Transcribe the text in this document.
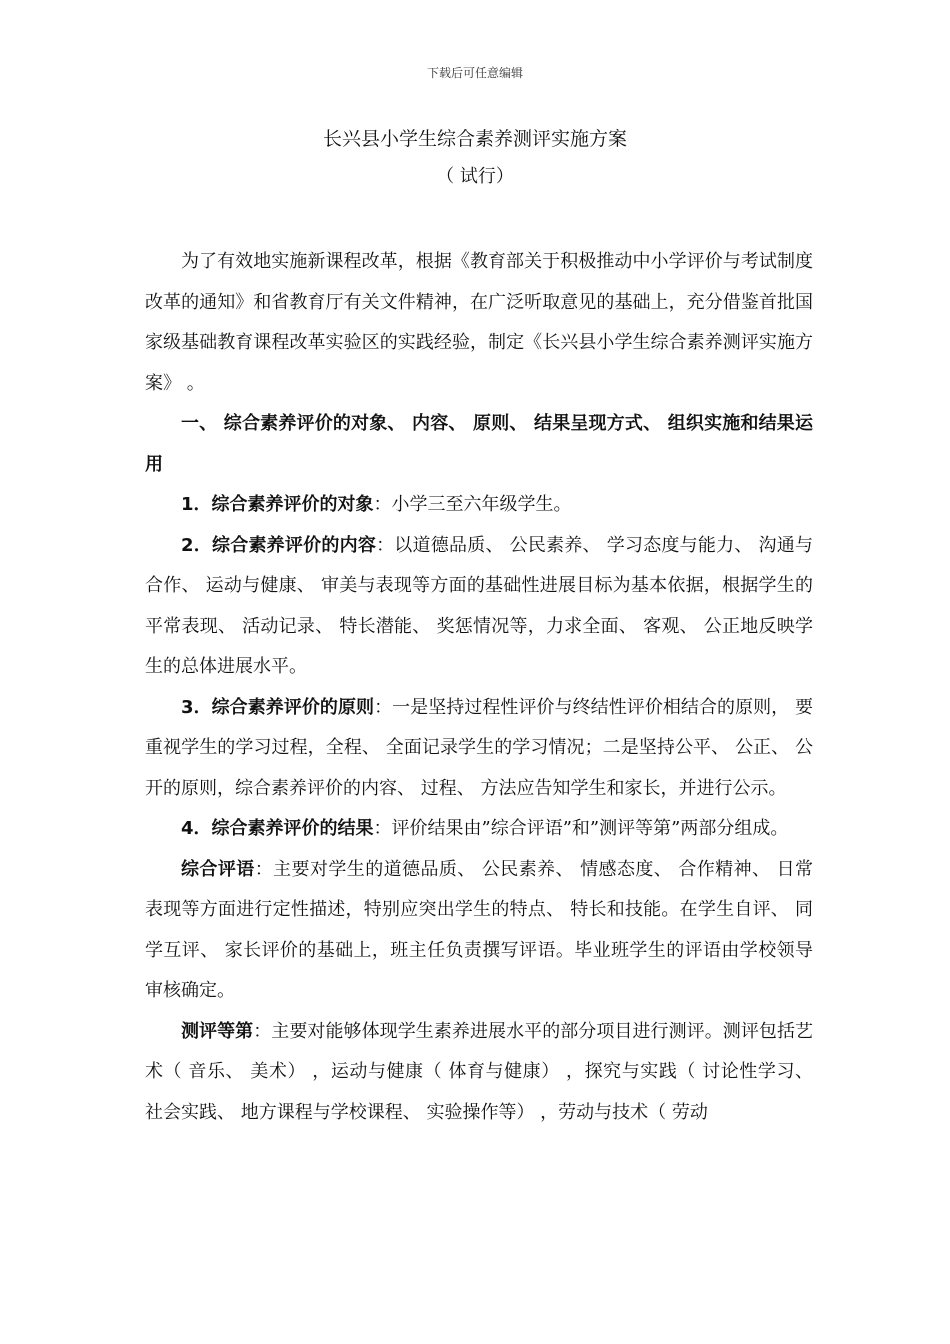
下载后可任意编辑
长兴县小学生综合素养测评实施方案
（ 试行）

为了有效地实施新课程改革，根据《教育部关于积极推动中小学评价与考试制度改革的通知》和省教育厅有关文件精神，在广泛听取意见的基础上，充分借鉴首批国家级基础教育课程改革实验区的实践经验，制定《长兴县小学生综合素养测评实施方案》 。

一、 综合素养评价的对象、 内容、 原则、 结果呈现方式、 组织实施和结果运用

1．综合素养评价的对象：小学三至六年级学生。

2．综合素养评价的内容：以道德品质、 公民素养、 学习态度与能力、 沟通与合作、 运动与健康、 审美与表现等方面的基础性进展目标为基本依据，根据学生的平常表现、 活动记录、 特长潜能、 奖惩情况等，力求全面、 客观、 公正地反映学生的总体进展水平。

3．综合素养评价的原则：一是坚持过程性评价与终结性评价相结合的原则， 要重视学生的学习过程，全程、 全面记录学生的学习情况；二是坚持公平、 公正、 公开的原则，综合素养评价的内容、 过程、 方法应告知学生和家长，并进行公示。

4．综合素养评价的结果：评价结果由”综合评语”和”测评等第”两部分组成。

综合评语：主要对学生的道德品质、 公民素养、 情感态度、 合作精神、 日常表现等方面进行定性描述，特别应突出学生的特点、 特长和技能。在学生自评、 同学互评、 家长评价的基础上，班主任负责撰写评语。毕业班学生的评语由学校领导审核确定。

测评等第：主要对能够体现学生素养进展水平的部分项目进行测评。测评包括艺术（ 音乐、 美术） ，运动与健康（ 体育与健康） ，探究与实践（ 讨论性学习、 社会实践、 地方课程与学校课程、 实验操作等） ，劳动与技术（ 劳动
